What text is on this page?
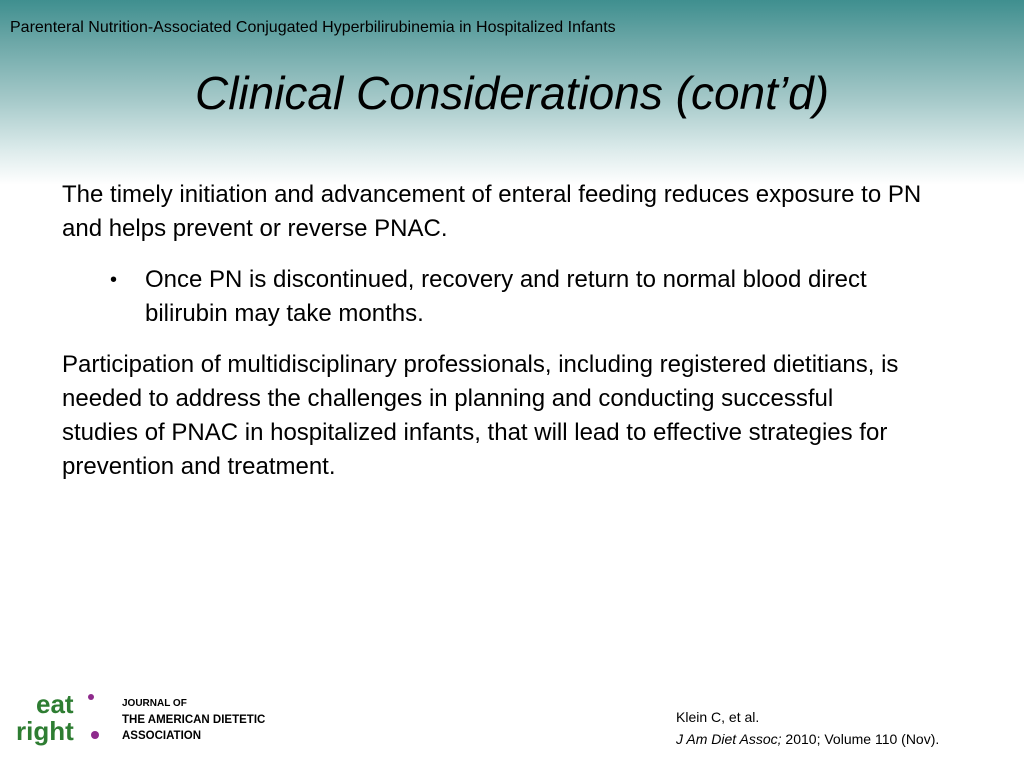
Parenteral Nutrition-Associated Conjugated Hyperbilirubinemia in Hospitalized Infants
Clinical Considerations (cont’d)

The timely initiation and advancement of enteral feeding reduces exposure to PN and helps prevent or reverse PNAC.

•	Once PN is discontinued, recovery and return to normal blood direct bilirubin may take months.

Participation of multidisciplinary professionals, including registered dietitians, is needed to address the challenges in planning and conducting successful studies of PNAC in hospitalized infants, that will lead to effective strategies for prevention and treatment.

eat
right
JOURNAL OF
THE AMERICAN DIETETIC
ASSOCIATION
Klein C, et al.
J Am Diet Assoc; 2010; Volume 110 (Nov).
